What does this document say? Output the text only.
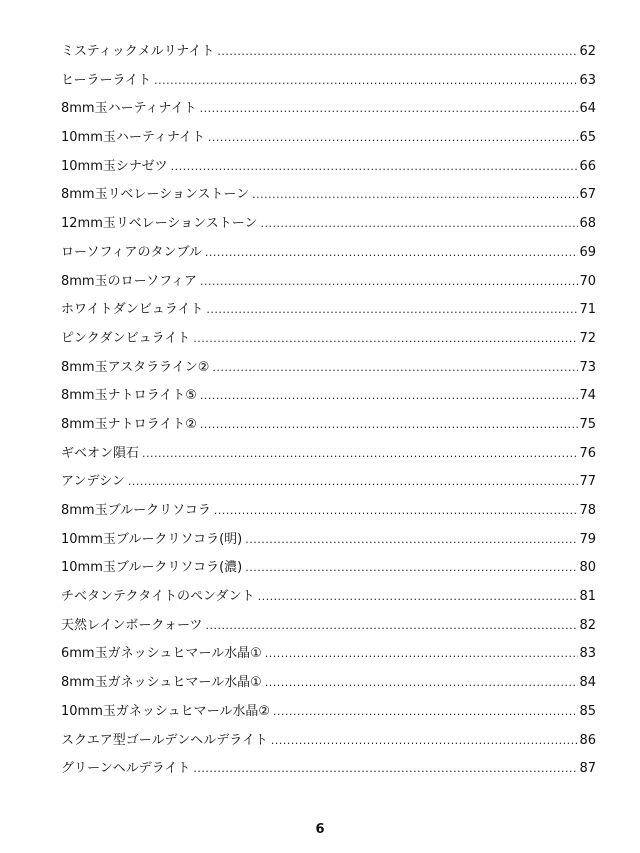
ミスティックメルリナイト .....	62
ヒーラーライト .....	63
8mm玉ハーティナイト .....	64
10mm玉ハーティナイト .....	65
10mm玉シナゼツ .....	66
8mm玉リベレーションストーン .....	67
12mm玉リベレーションストーン .....	68
ローソフィアのタンブル .....	69
8mm玉のローソフィア .....	70
ホワイトダンビュライト .....	71
ピンクダンビュライト .....	72
8mm玉アスタラライン② .....	73
8mm玉ナトロライト⑤ .....	74
8mm玉ナトロライト② .....	75
ギベオン隕石 .....	76
アンデシン .....	77
8mm玉ブルークリソコラ .....	78
10mm玉ブルークリソコラ(明) .....	79
10mm玉ブルークリソコラ(濃) .....	80
チベタンテクタイトのペンダント .....	81
天然レインボークォーツ .....	82
6mm玉ガネッシュヒマール水晶① .....	83
8mm玉ガネッシュヒマール水晶① .....	84
10mm玉ガネッシュヒマール水晶② .....	85
スクエア型ゴールデンヘルデライト .....	86
グリーンヘルデライト .....	87
6
